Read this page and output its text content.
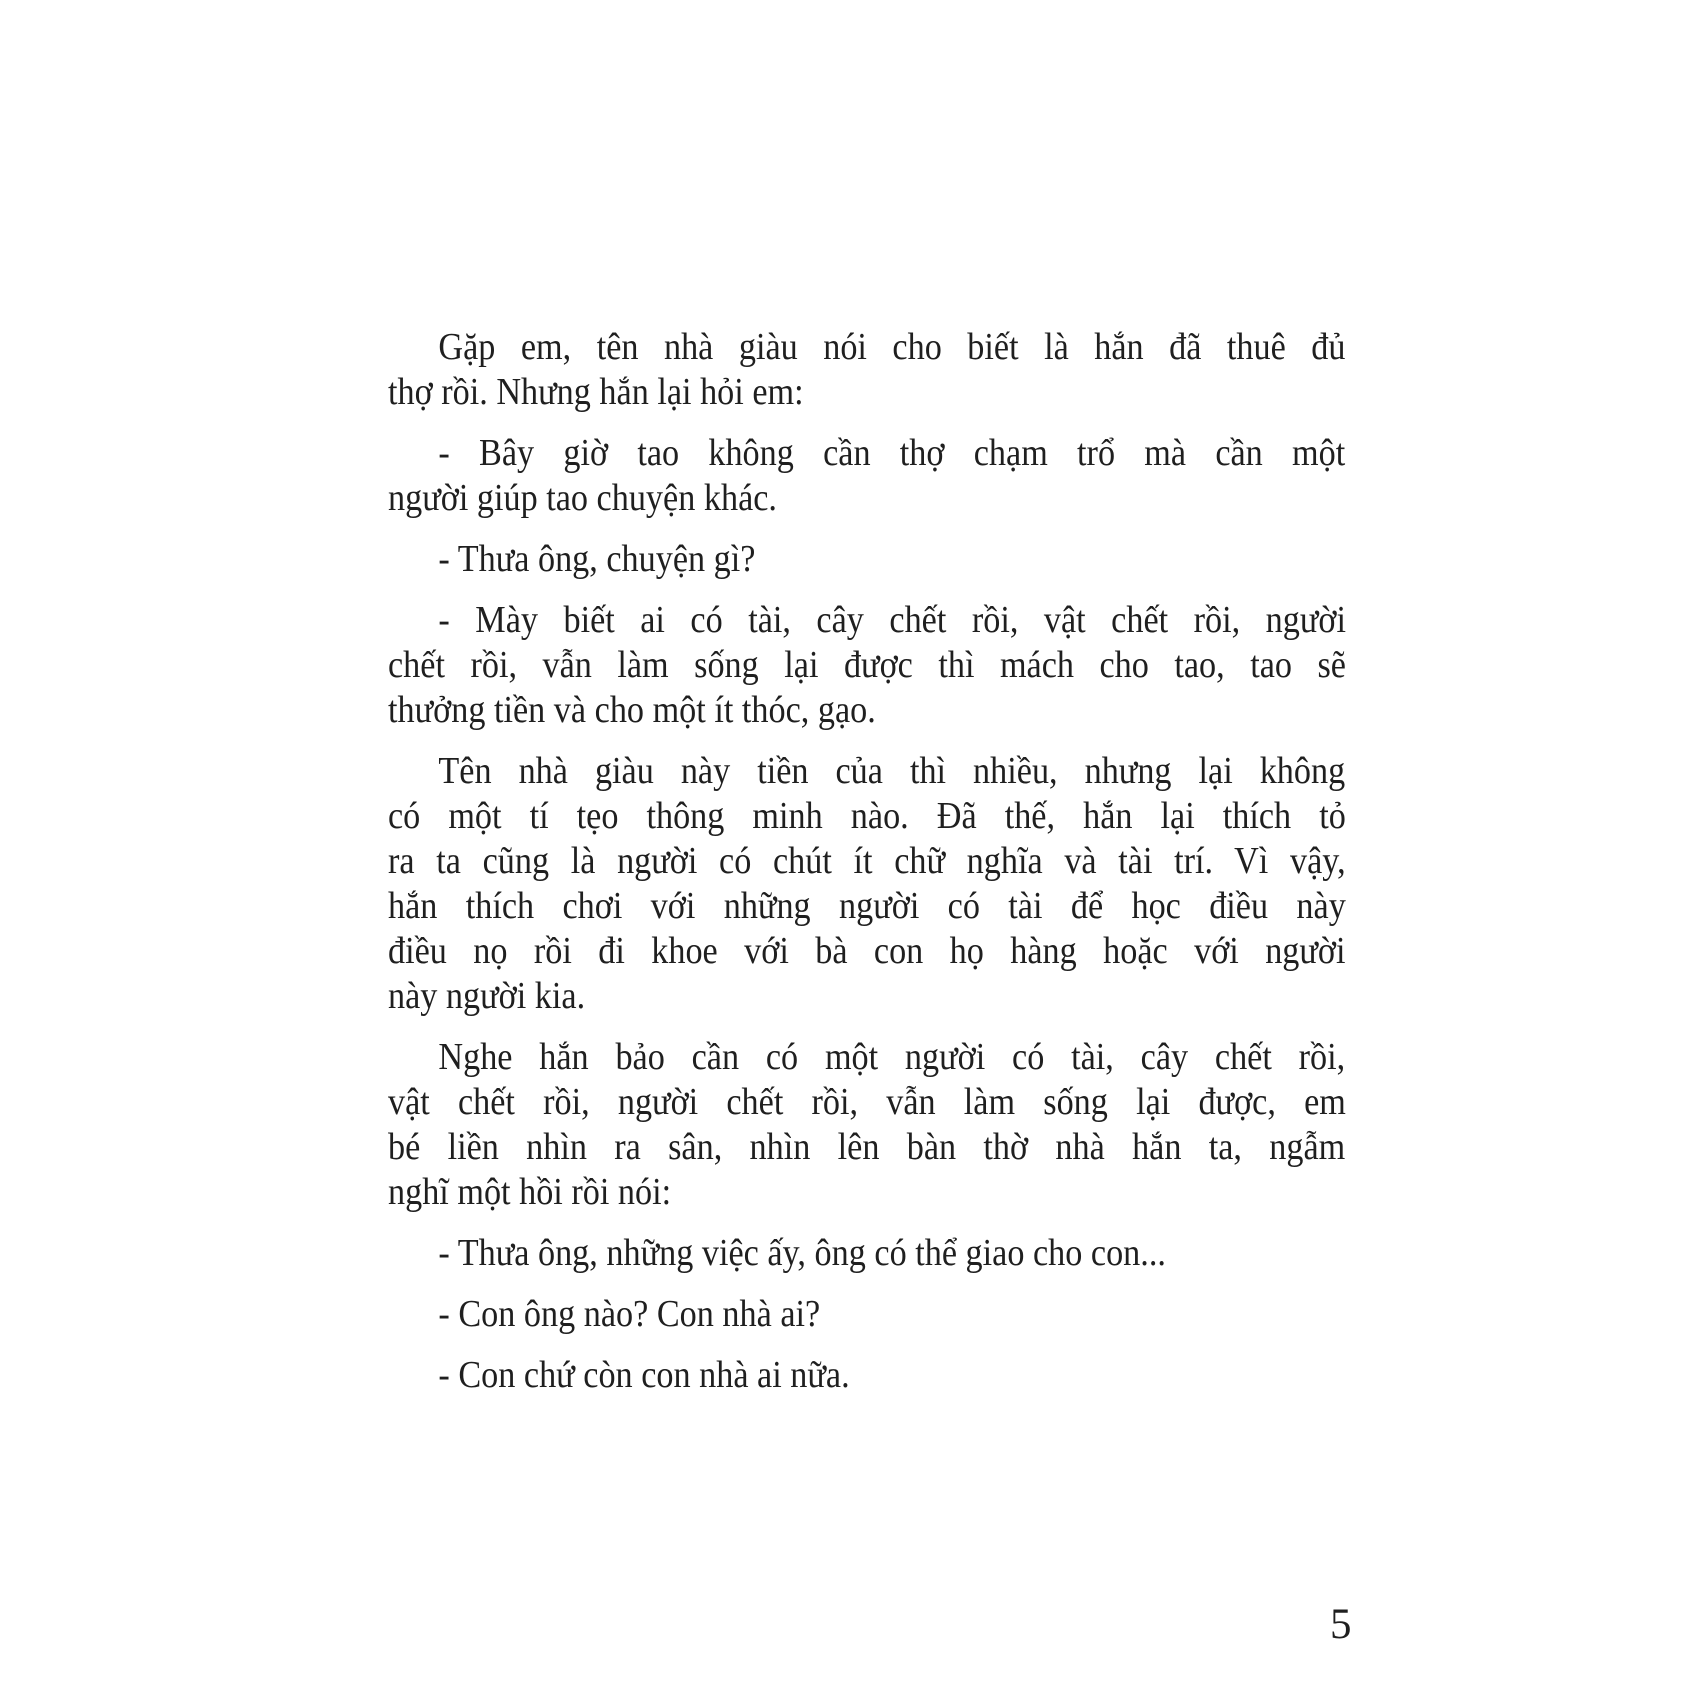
Gặp em, tên nhà giàu nói cho biết là hắn đã thuê đủ
thợ rồi. Nhưng hắn lại hỏi em:
- Bây giờ tao không cần thợ chạm trổ mà cần một
người giúp tao chuyện khác.
- Thưa ông, chuyện gì?
- Mày biết ai có tài, cây chết rồi, vật chết rồi, người
chết rồi, vẫn làm sống lại được thì mách cho tao, tao sẽ
thưởng tiền và cho một ít thóc, gạo.
Tên nhà giàu này tiền của thì nhiều, nhưng lại không
có một tí tẹo thông minh nào. Đã thế, hắn lại thích tỏ
ra ta cũng là người có chút ít chữ nghĩa và tài trí. Vì vậy,
hắn thích chơi với những người có tài để học điều này
điều nọ rồi đi khoe với bà con họ hàng hoặc với người
này người kia.
Nghe hắn bảo cần có một người có tài, cây chết rồi,
vật chết rồi, người chết rồi, vẫn làm sống lại được, em
bé liền nhìn ra sân, nhìn lên bàn thờ nhà hắn ta, ngẫm
nghĩ một hồi rồi nói:
- Thưa ông, những việc ấy, ông có thể giao cho con...
- Con ông nào? Con nhà ai?
- Con chứ còn con nhà ai nữa.
5
